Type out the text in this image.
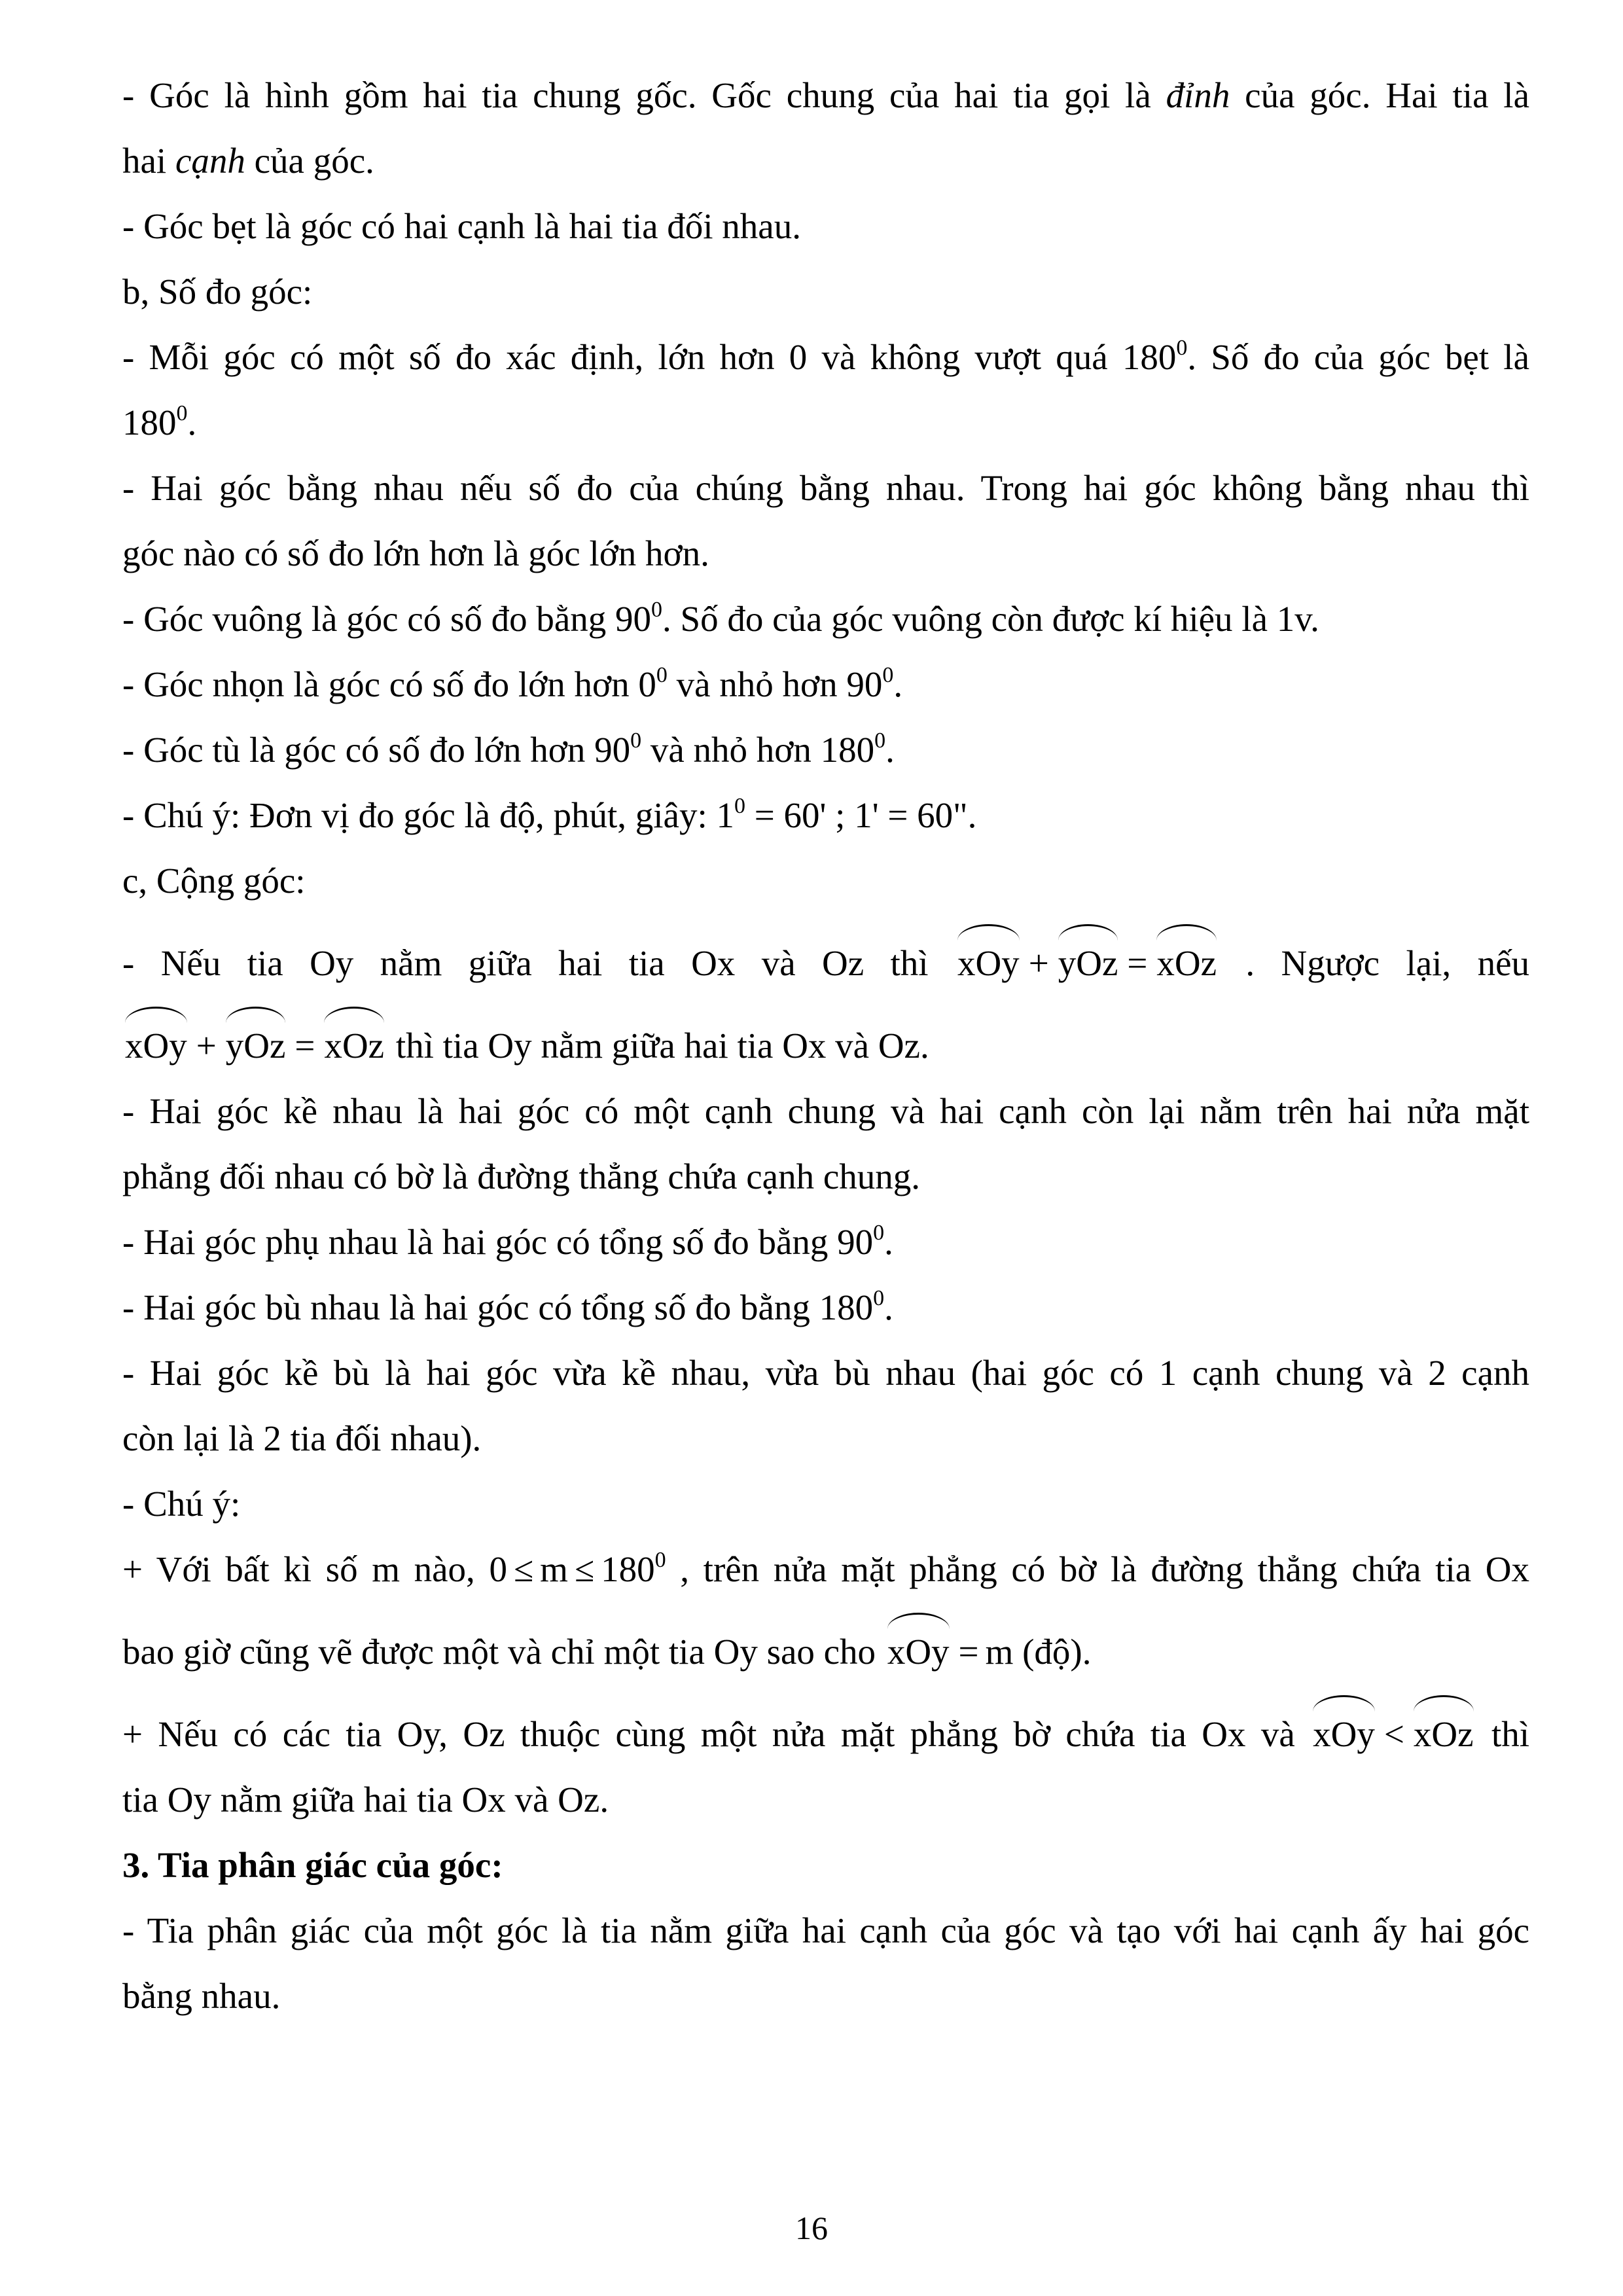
- Góc là hình gồm hai tia chung gốc. Gốc chung của hai tia gọi là đỉnh của góc. Hai tia là
hai cạnh của góc.
- Góc bẹt là góc có hai cạnh là hai tia đối nhau.
b, Số đo góc:
- Mỗi góc có một số đo xác định, lớn hơn 0 và không vượt quá $180^0$. Số đo của góc bẹt là
$180^0$.
- Hai góc bằng nhau nếu số đo của chúng bằng nhau. Trong hai góc không bằng nhau thì
góc nào có số đo lớn hơn là góc lớn hơn.
- Góc vuông là góc có số đo bằng $90^0$. Số đo của góc vuông còn được kí hiệu là 1v.
- Góc nhọn là góc có số đo lớn hơn $0^0$ và nhỏ hơn $90^0$.
- Góc tù là góc có số đo lớn hơn $90^0$ và nhỏ hơn $180^0$.
- Chú ý: Đơn vị đo góc là độ, phút, giây: $1^0 = 60'$ ; 1' = 60".
c, Cộng góc:
- Nếu tia Oy nằm giữa hai tia Ox và Oz thì xOy + yOz = xOz . Ngược lại, nếu
xOy + yOz = xOz thì tia Oy nằm giữa hai tia Ox và Oz.
- Hai góc kề nhau là hai góc có một cạnh chung và hai cạnh còn lại nằm trên hai nửa mặt
phẳng đối nhau có bờ là đường thẳng chứa cạnh chung.
- Hai góc phụ nhau là hai góc có tổng số đo bằng $90^0$.
- Hai góc bù nhau là hai góc có tổng số đo bằng $180^0$.
- Hai góc kề bù là hai góc vừa kề nhau, vừa bù nhau (hai góc có 1 cạnh chung và 2 cạnh
còn lại là 2 tia đối nhau).
- Chú ý:
+ Với bất kì số m nào, $0 \le m \le 180^0$ , trên nửa mặt phẳng có bờ là đường thẳng chứa tia Ox
bao giờ cũng vẽ được một và chỉ một tia Oy sao cho xOy = m (độ).
+ Nếu có các tia Oy, Oz thuộc cùng một nửa mặt phẳng bờ chứa tia Ox và xOy < xOz thì
tia Oy nằm giữa hai tia Ox và Oz.
3. Tia phân giác của góc:
- Tia phân giác của một góc là tia nằm giữa hai cạnh của góc và tạo với hai cạnh ấy hai góc
bằng nhau.
16
